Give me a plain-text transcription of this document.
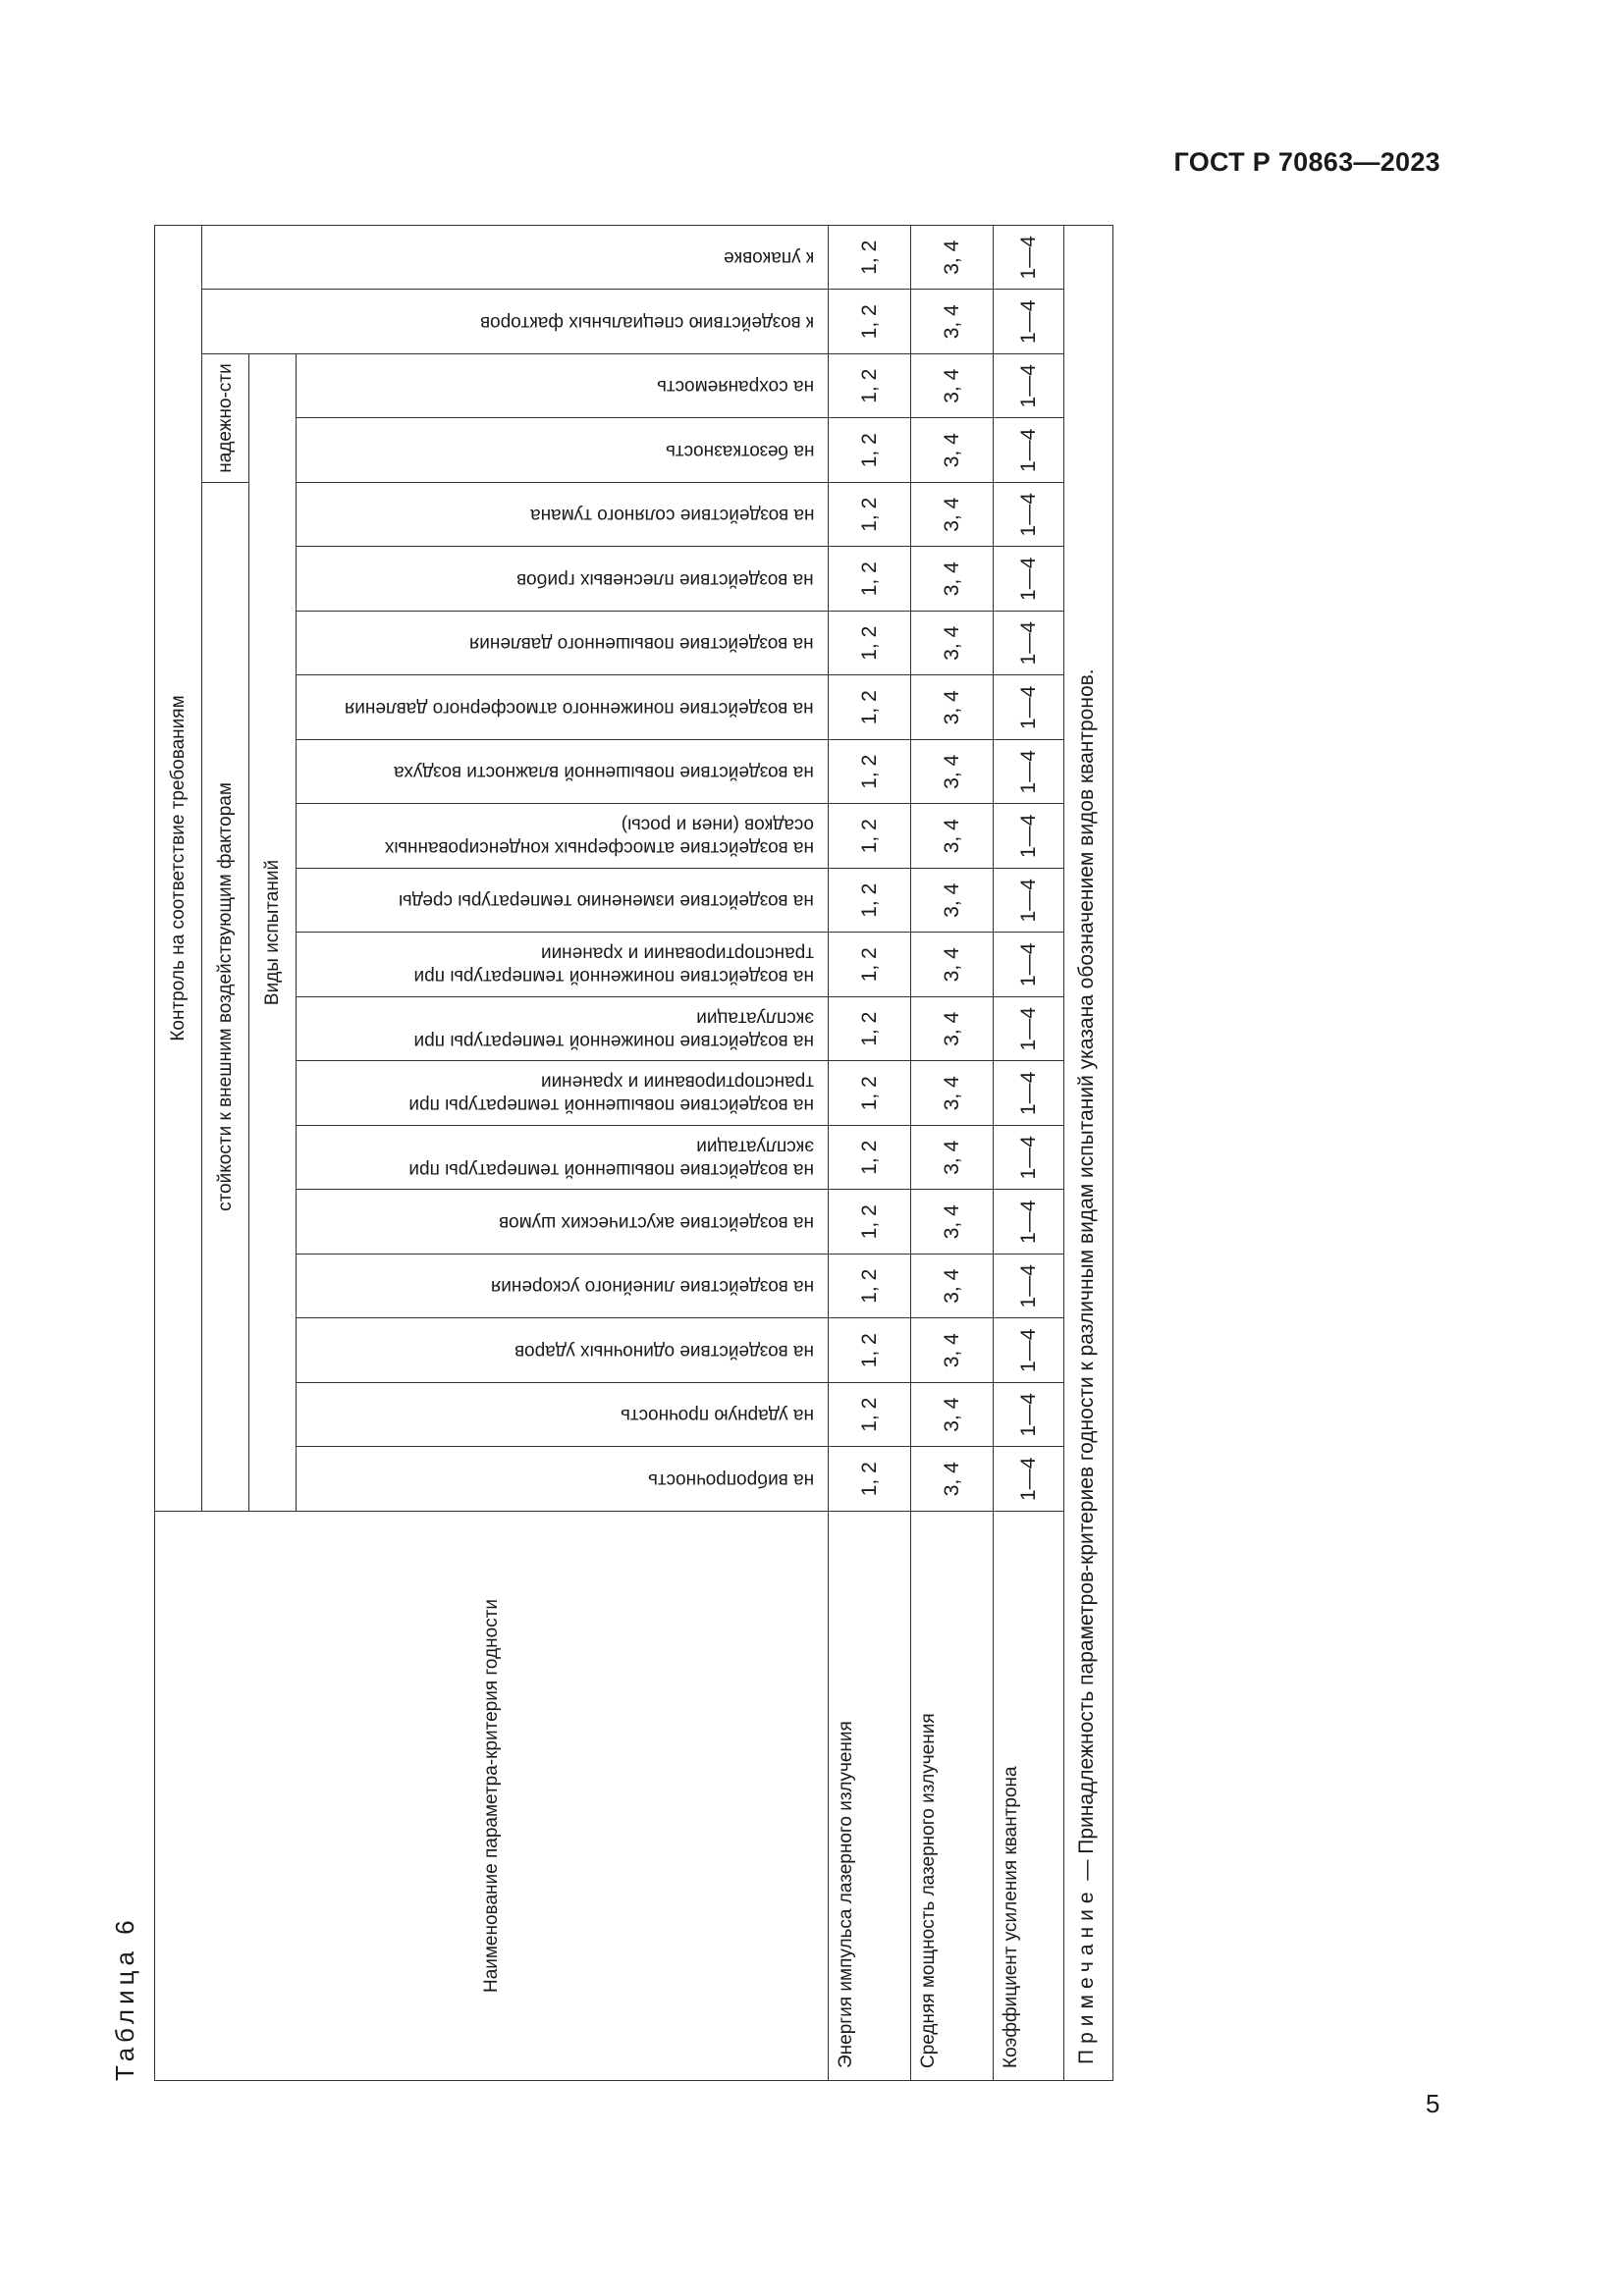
ГОСТ Р 70863—2023
Таблица 6
Наименование параметра-критерия годности
Контроль на соответствие требованиям	стойкости к внешним воздействующим факторам
надежно-сти
Виды испытаний
на вибропрочность
на ударную прочность
на воздействие одиночных ударов
на воздействие линейного ускорения
на воздействие акустических шумов
на воздействие повышенной температуры при эксплуатации
на воздействие повышенной температуры при транспортировании и хранении
на воздействие пониженной температуры при эксплуатации
на воздействие пониженной температуры при транспортировании и хранении
на воздействие изменению температуры среды
на воздействие атмосферных конденсированных осадков (инея и росы)
на воздействие повышенной влажности воздуха
на воздействие пониженного атмосферного давления
на воздействие повышенного давления
на воздействие плесневых грибов
на воздействие соляного тумана
на безотказность
на сохраняемость
к воздействию специальных факторов
к упаковке
Энергия импульса лазерного излучения
1, 2
1, 2
1, 2
1, 2
1, 2
1, 2
1, 2
1, 2
1, 2
1, 2
1, 2
1, 2
1, 2
1, 2
1, 2
1, 2
1, 2
1, 2
1, 2
1, 2
Средняя мощность лазерного излучения
3, 4
3, 4
3, 4
3, 4
3, 4
3, 4
3, 4
3, 4
3, 4
3, 4
3, 4
3, 4
3, 4
3, 4
3, 4
3, 4
3, 4
3, 4
3, 4
3, 4
Коэффициент усиления квантрона
1—4
1—4
1—4
1—4
1—4
1—4
1—4
1—4
1—4
1—4
1—4
1—4
1—4
1—4
1—4
1—4
1—4
1—4
1—4
1—4
Примечание — Принадлежность параметров-критериев годности к различным видам испытаний указана обозначением видов квантронов.
5
